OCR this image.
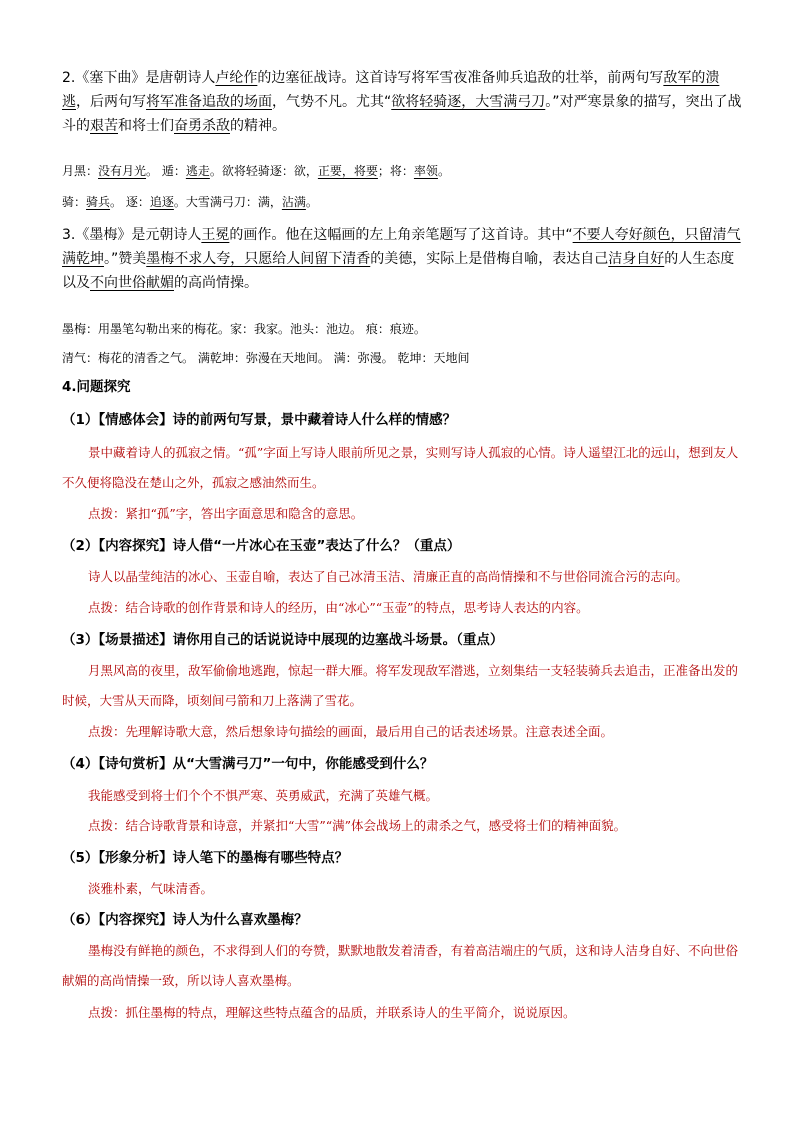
2.《塞下曲》是唐朝诗人卢纶作的边塞征战诗。这首诗写将军雪夜准备帅兵追敌的壮举，前两句写敌军的溃逃，后两句写将军准备追敌的场面，气势不凡。尤其“欲将轻骑逐，大雪满弓刀。”对严寒景象的描写，突出了战斗的艰苦和将士们奋勇杀敌的精神。

月黑：没有月光。 遁：逃走。欲将轻骑逐：欲，正要，将要；将：率领。

骑：骑兵。 逐：追逐。大雪满弓刀：满，沾满。

3.《墨梅》是元朝诗人王冕的画作。他在这幅画的左上角亲笔题写了这首诗。其中“不要人夸好颜色，只留清气满乾坤。”赞美墨梅不求人夸，只愿给人间留下清香的美德，实际上是借梅自喻，表达自己洁身自好的人生态度以及不向世俗献媚的高尚情操。

墨梅：用墨笔勾勒出来的梅花。家：我家。池头：池边。 痕：痕迹。

清气：梅花的清香之气。 满乾坤：弥漫在天地间。 满：弥漫。 乾坤：天地间

4.问题探究

（1）【情感体会】诗的前两句写景，景中藏着诗人什么样的情感？

景中藏着诗人的孤寂之情。“孤”字面上写诗人眼前所见之景，实则写诗人孤寂的心情。诗人遥望江北的远山，想到友人不久便将隐没在楚山之外，孤寂之感油然而生。

点拨：紧扣“孤”字，答出字面意思和隐含的意思。

（2）【内容探究】诗人借“一片冰心在玉壶”表达了什么？（重点）

诗人以晶莹纯洁的冰心、玉壶自喻，表达了自己冰清玉洁、清廉正直的高尚情操和不与世俗同流合污的志向。

点拨：结合诗歌的创作背景和诗人的经历，由“冰心”“玉壶”的特点，思考诗人表达的内容。

（3）【场景描述】请你用自己的话说说诗中展现的边塞战斗场景。（重点）

月黑风高的夜里，敌军偷偷地逃跑，惊起一群大雁。将军发现敌军潜逃，立刻集结一支轻装骑兵去追击，正准备出发的时候，大雪从天而降，顷刻间弓箭和刀上落满了雪花。

点拨：先理解诗歌大意，然后想象诗句描绘的画面，最后用自己的话表述场景。注意表述全面。

（4）【诗句赏析】从“大雪满弓刀”一句中，你能感受到什么？

我能感受到将士们个个不惧严寒、英勇威武，充满了英雄气概。

点拨：结合诗歌背景和诗意，并紧扣“大雪”“满”体会战场上的肃杀之气，感受将士们的精神面貌。

（5）【形象分析】诗人笔下的墨梅有哪些特点？

淡雅朴素，气味清香。

（6）【内容探究】诗人为什么喜欢墨梅？

墨梅没有鲜艳的颜色，不求得到人们的夸赞，默默地散发着清香，有着高洁端庄的气质，这和诗人洁身自好、不向世俗献媚的高尚情操一致，所以诗人喜欢墨梅。

点拨：抓住墨梅的特点，理解这些特点蕴含的品质，并联系诗人的生平简介，说说原因。
